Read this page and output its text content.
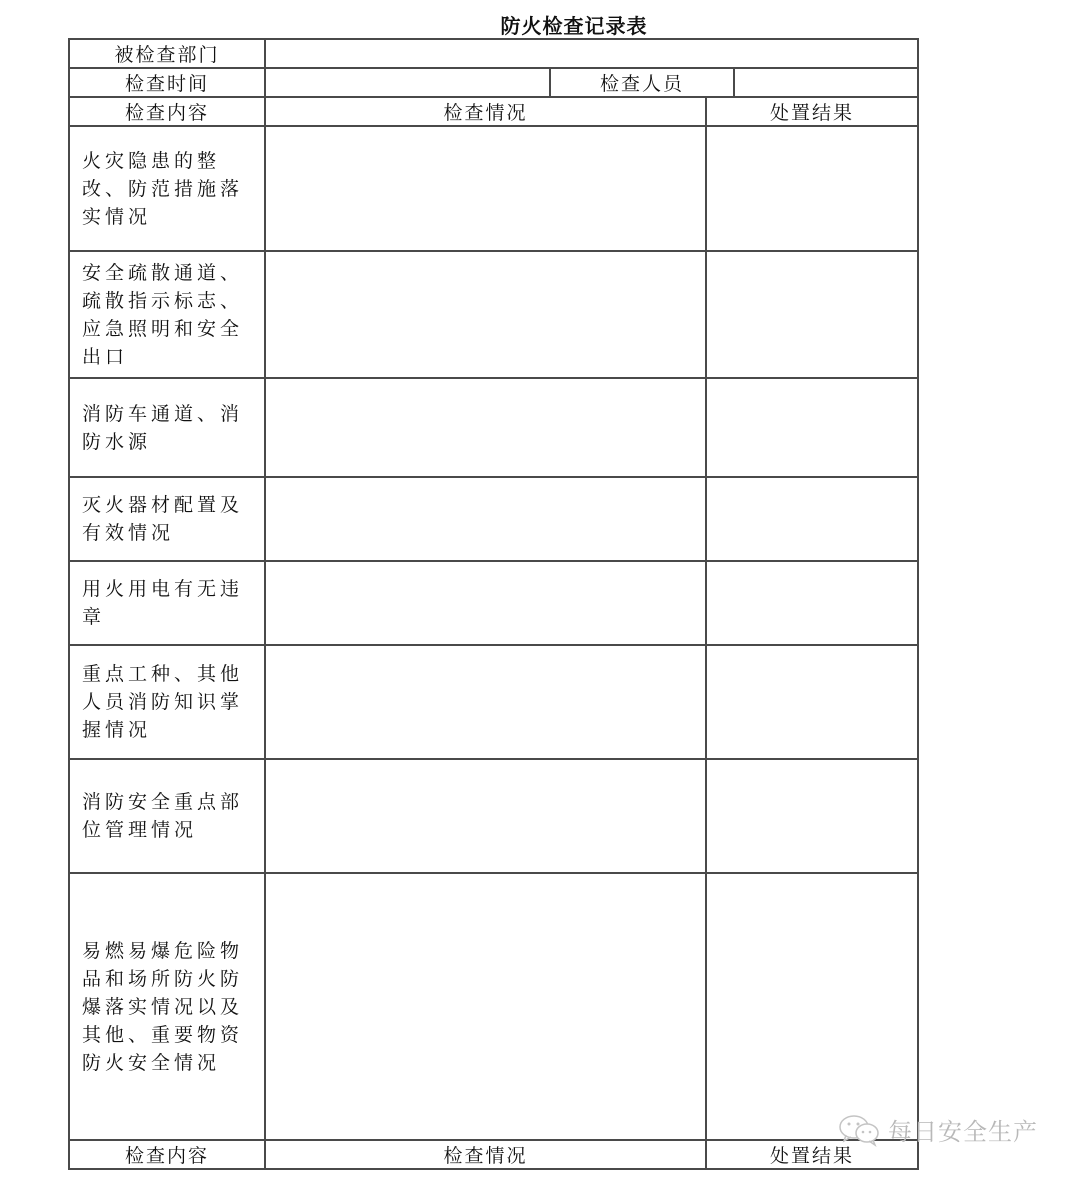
防火检查记录表
被检查部门
检查时间	检查人员
检查内容	检查情况	处置结果
火灾隐患的整改、防范措施落实情况
安全疏散通道、疏散指示标志、应急照明和安全出口
消防车通道、消防水源
灭火器材配置及有效情况
用火用电有无违章
重点工种、其他人员消防知识掌握情况
消防安全重点部位管理情况
易燃易爆危险物品和场所防火防爆落实情况以及其他、重要物资防火安全情况
检查内容	检查情况	处置结果
每日安全生产
